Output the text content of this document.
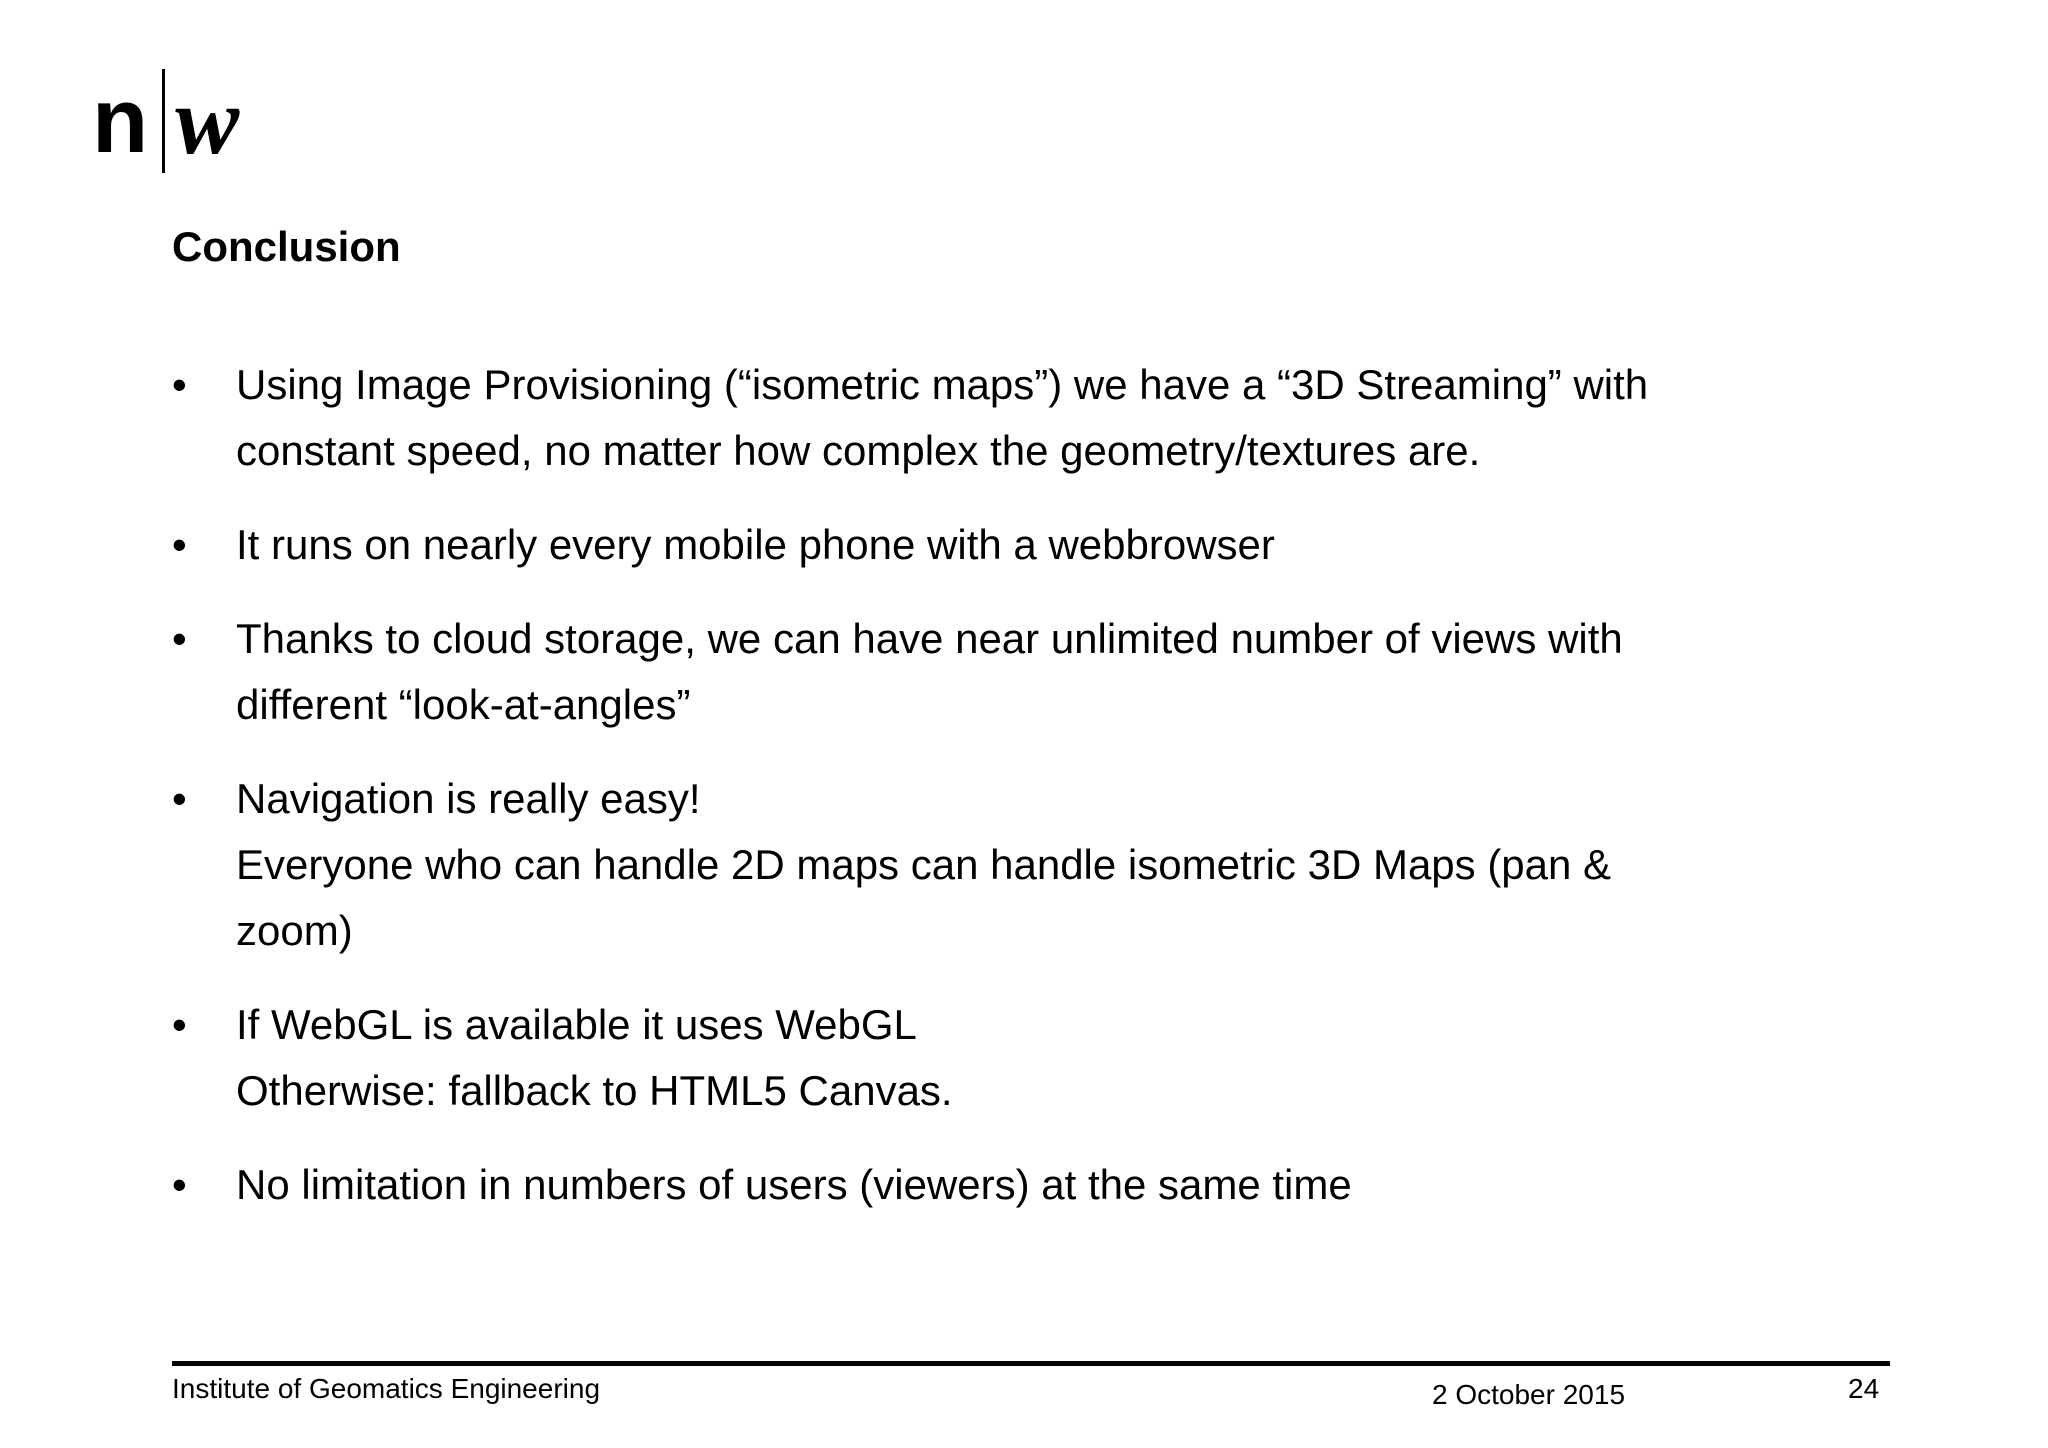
n w
Conclusion
•	Using Image Provisioning (“isometric maps”) we have a “3D Streaming” with
constant speed, no matter how complex the geometry/textures are.
•	It runs on nearly every mobile phone with a webbrowser
•	Thanks to cloud storage, we can have near unlimited number of views with
different “look-at-angles”
•	Navigation is really easy!
Everyone who can handle 2D maps can handle isometric 3D Maps (pan &
zoom)
•	If WebGL is available it uses WebGL
Otherwise: fallback to HTML5 Canvas.
•	No limitation in numbers of users (viewers) at the same time
Institute of Geomatics Engineering	2 October 2015	24
